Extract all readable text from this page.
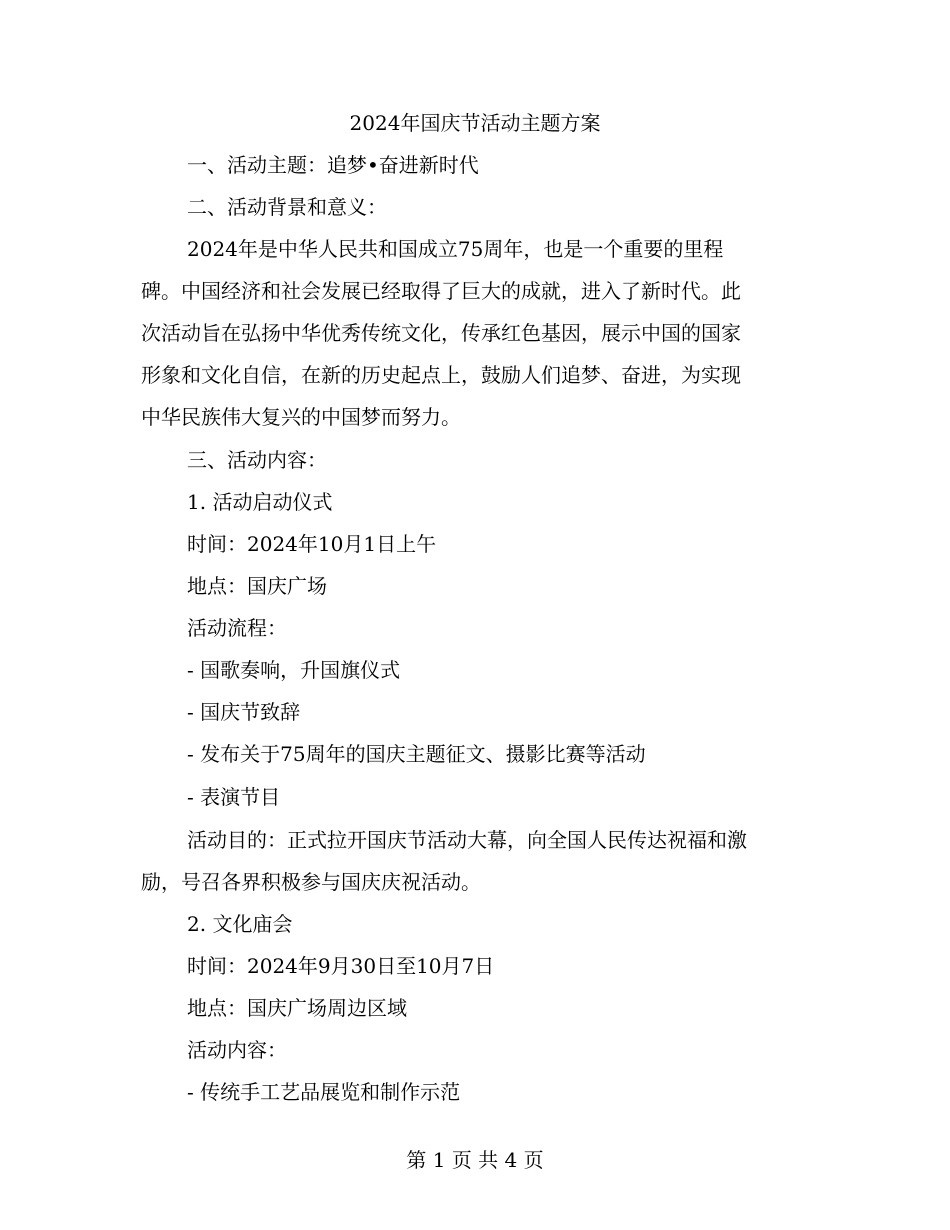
2024年国庆节活动主题方案
一、活动主题：追梦•奋进新时代
二、活动背景和意义：
2024年是中华人民共和国成立75周年，也是一个重要的里程
碑。中国经济和社会发展已经取得了巨大的成就，进入了新时代。此
次活动旨在弘扬中华优秀传统文化，传承红色基因，展示中国的国家
形象和文化自信，在新的历史起点上，鼓励人们追梦、奋进，为实现
中华民族伟大复兴的中国梦而努力。
三、活动内容：
1. 活动启动仪式
时间：2024年10月1日上午
地点：国庆广场
活动流程：
- 国歌奏响，升国旗仪式
- 国庆节致辞
- 发布关于75周年的国庆主题征文、摄影比赛等活动
- 表演节目
活动目的：正式拉开国庆节活动大幕，向全国人民传达祝福和激
励，号召各界积极参与国庆庆祝活动。
2. 文化庙会
时间：2024年9月30日至10月7日
地点：国庆广场周边区域
活动内容：
- 传统手工艺品展览和制作示范
第 1 页 共 4 页
